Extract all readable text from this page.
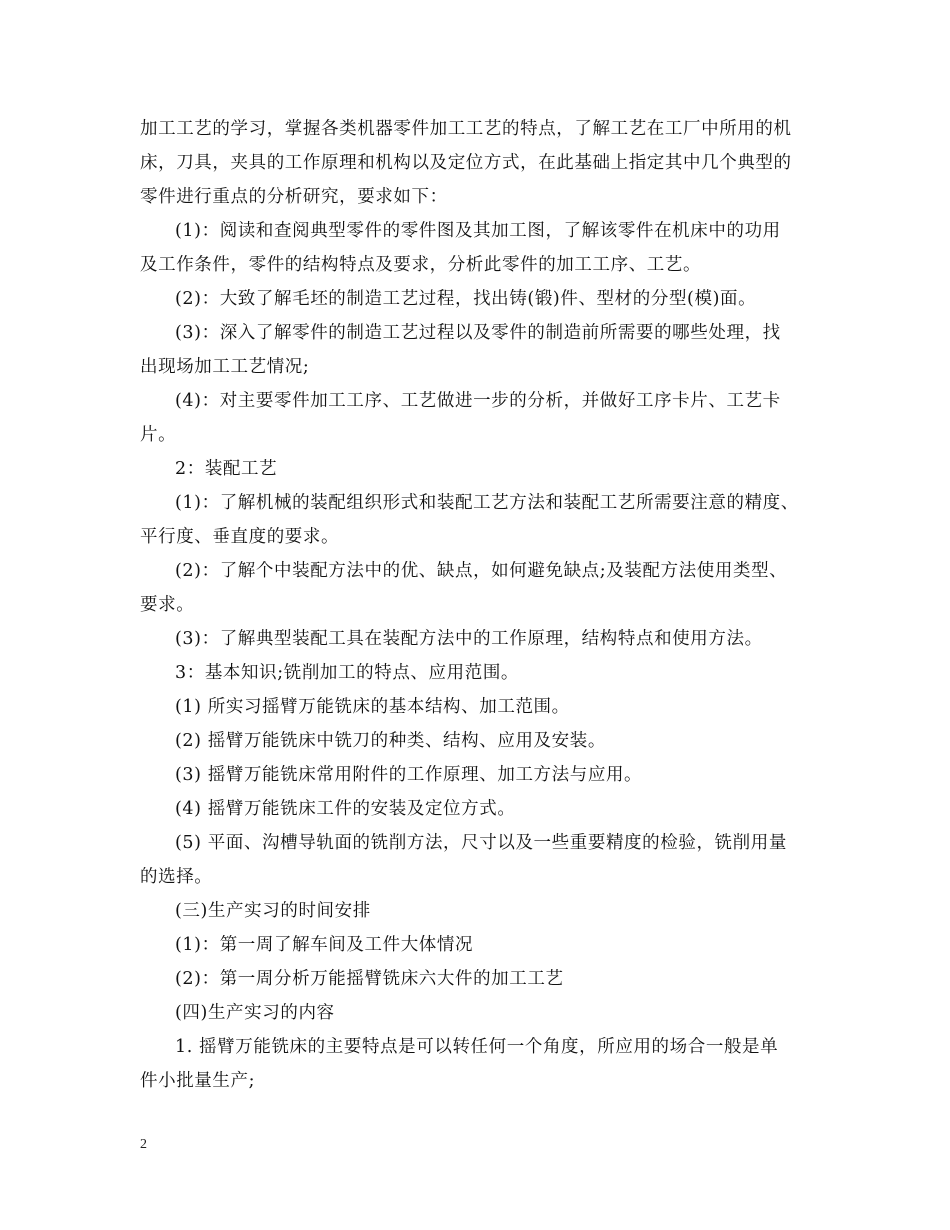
加工工艺的学习，掌握各类机器零件加工工艺的特点，了解工艺在工厂中所用的机
床，刀具，夹具的工作原理和机构以及定位方式，在此基础上指定其中几个典型的
零件进行重点的分析研究，要求如下：
(1)：阅读和查阅典型零件的零件图及其加工图，了解该零件在机床中的功用
及工作条件，零件的结构特点及要求，分析此零件的加工工序、工艺。
(2)：大致了解毛坯的制造工艺过程，找出铸(锻)件、型材的分型(模)面。
(3)：深入了解零件的制造工艺过程以及零件的制造前所需要的哪些处理，找
出现场加工工艺情况;
(4)：对主要零件加工工序、工艺做进一步的分析，并做好工序卡片、工艺卡
片。
2：装配工艺
(1)：了解机械的装配组织形式和装配工艺方法和装配工艺所需要注意的精度、
平行度、垂直度的要求。
(2)：了解个中装配方法中的优、缺点，如何避免缺点;及装配方法使用类型、
要求。
(3)：了解典型装配工具在装配方法中的工作原理，结构特点和使用方法。
3：基本知识;铣削加工的特点、应用范围。
(1) 所实习摇臂万能铣床的基本结构、加工范围。
(2) 摇臂万能铣床中铣刀的种类、结构、应用及安装。
(3) 摇臂万能铣床常用附件的工作原理、加工方法与应用。
(4) 摇臂万能铣床工件的安装及定位方式。
(5) 平面、沟槽导轨面的铣削方法，尺寸以及一些重要精度的检验，铣削用量
的选择。
(三)生产实习的时间安排
(1)：第一周了解车间及工件大体情况
(2)：第一周分析万能摇臂铣床六大件的加工工艺
(四)生产实习的内容
1. 摇臂万能铣床的主要特点是可以转任何一个角度，所应用的场合一般是单
件小批量生产;
2
